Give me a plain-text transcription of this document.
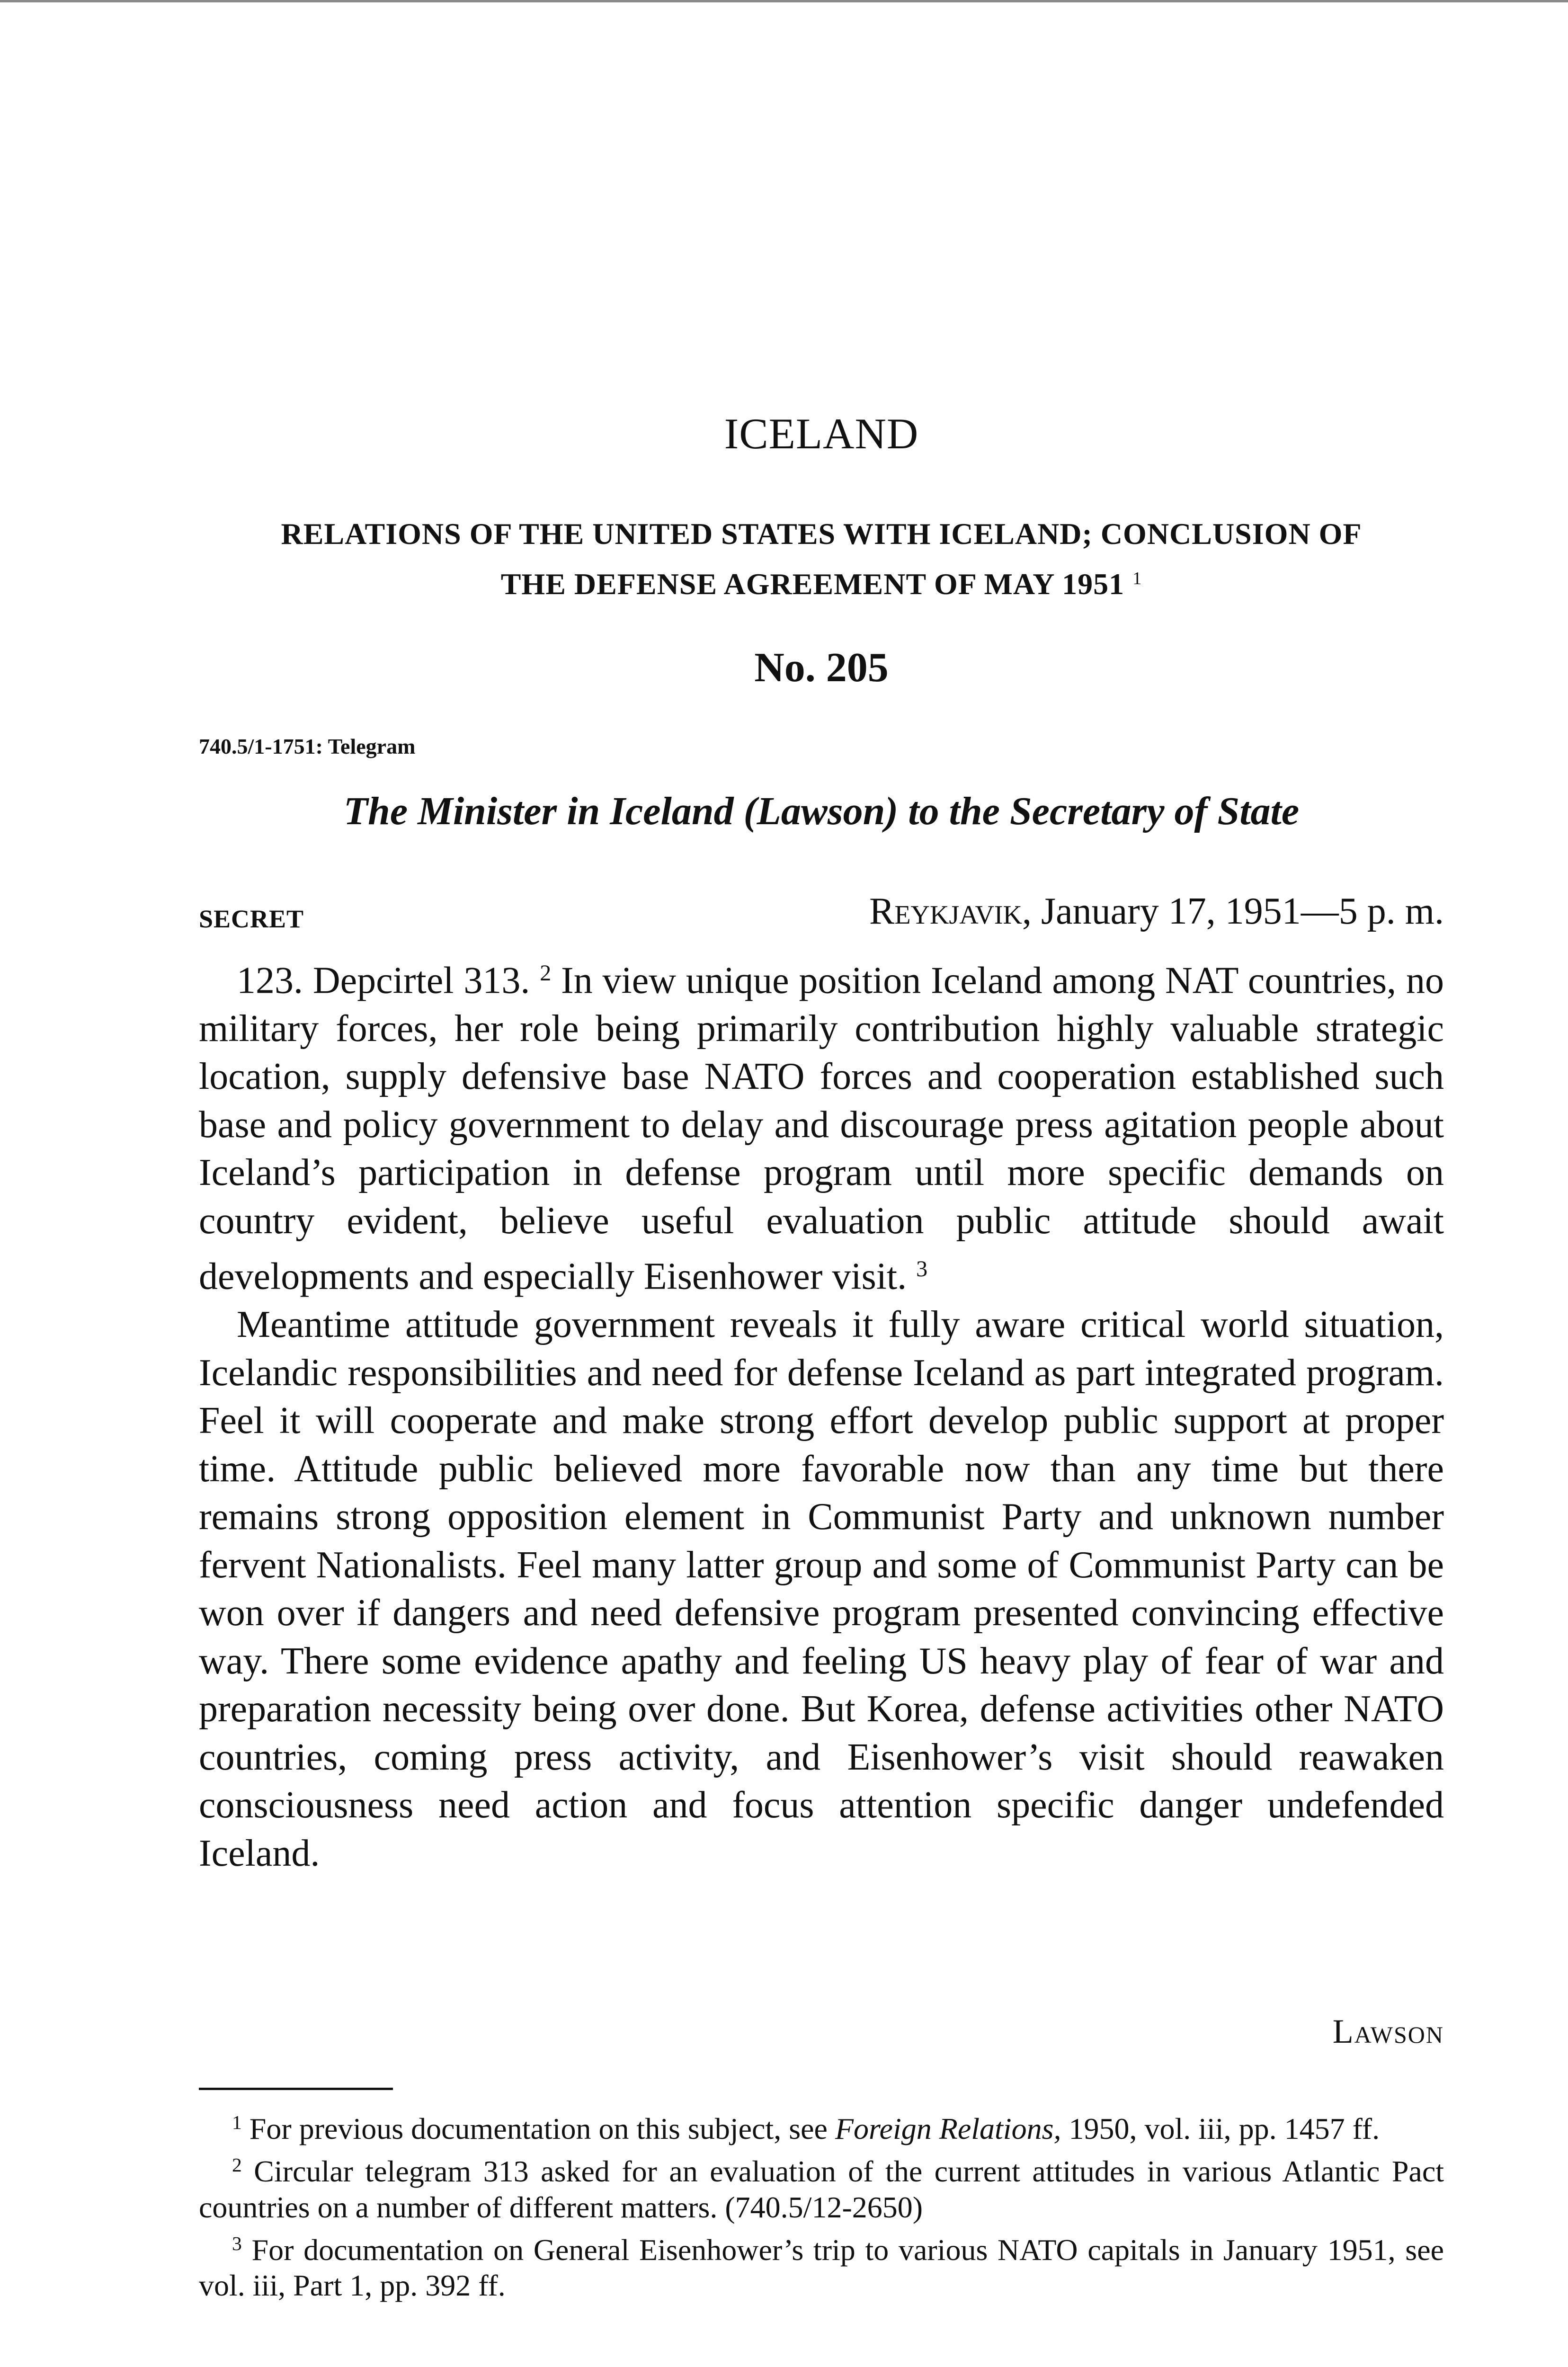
ICELAND
RELATIONS OF THE UNITED STATES WITH ICELAND; CONCLUSION OF
THE DEFENSE AGREEMENT OF MAY 1951 $^1$
No. 205
740.5/1-1751: Telegram
The Minister in Iceland (Lawson) to the Secretary of State
SECRET	Reykjavik, January 17, 1951—5 p. m.

123. Depcirtel 313. $^2$ In view unique position Iceland among NAT countries, no military forces, her role being primarily contribution highly valuable strategic location, supply defensive base NATO forces and cooperation established such base and policy government to delay and discourage press agitation people about Iceland’s participation in defense program until more specific demands on country evident, believe useful evaluation public attitude should await developments and especially Eisenhower visit. $^3$

Meantime attitude government reveals it fully aware critical world situation, Icelandic responsibilities and need for defense Iceland as part integrated program. Feel it will cooperate and make strong effort develop public support at proper time. Attitude public believed more favorable now than any time but there remains strong opposition element in Communist Party and unknown number fervent Nationalists. Feel many latter group and some of Communist Party can be won over if dangers and need defensive program presented convincing effective way. There some evidence apathy and feeling US heavy play of fear of war and preparation necessity being over done. But Korea, defense activities other NATO countries, coming press activity, and Eisenhower’s visit should reawaken consciousness need action and focus attention specific danger undefended Iceland.

Lawson

$^1$ For previous documentation on this subject, see Foreign Relations, 1950, vol. iii, pp. 1457 ff.

$^2$ Circular telegram 313 asked for an evaluation of the current attitudes in various Atlantic Pact countries on a number of different matters. (740.5/12-2650)

$^3$ For documentation on General Eisenhower’s trip to various NATO capitals in January 1951, see vol. iii, Part 1, pp. 392 ff.
